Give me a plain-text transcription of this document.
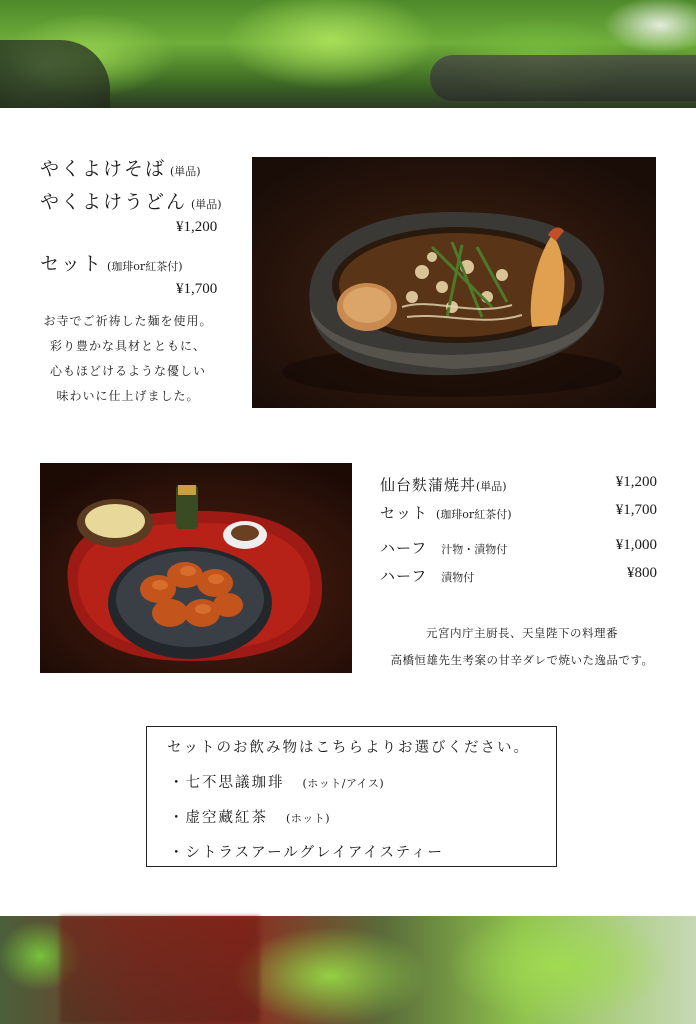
やくよけそば (単品)
やくよけうどん (単品)
¥1,200
セット (珈琲or紅茶付)
¥1,700
お寺でご祈祷した麺を使用。
彩り豊かな具材とともに、
心もほどけるような優しい
味わいに仕上げました。
仙台麩蒲焼丼(単品)	¥1,200
セット (珈琲or紅茶付)	¥1,700
ハーフ 汁物・漬物付	¥1,000
ハーフ 漬物付	¥800
元宮内庁主厨長、天皇陛下の料理番
高橋恒雄先生考案の甘辛ダレで焼いた逸品です。
セットのお飲み物はこちらよりお選びください。
・七不思議珈琲 (ホット/アイス)
・虚空藏紅茶 (ホット)
・シトラスアールグレイアイスティー
